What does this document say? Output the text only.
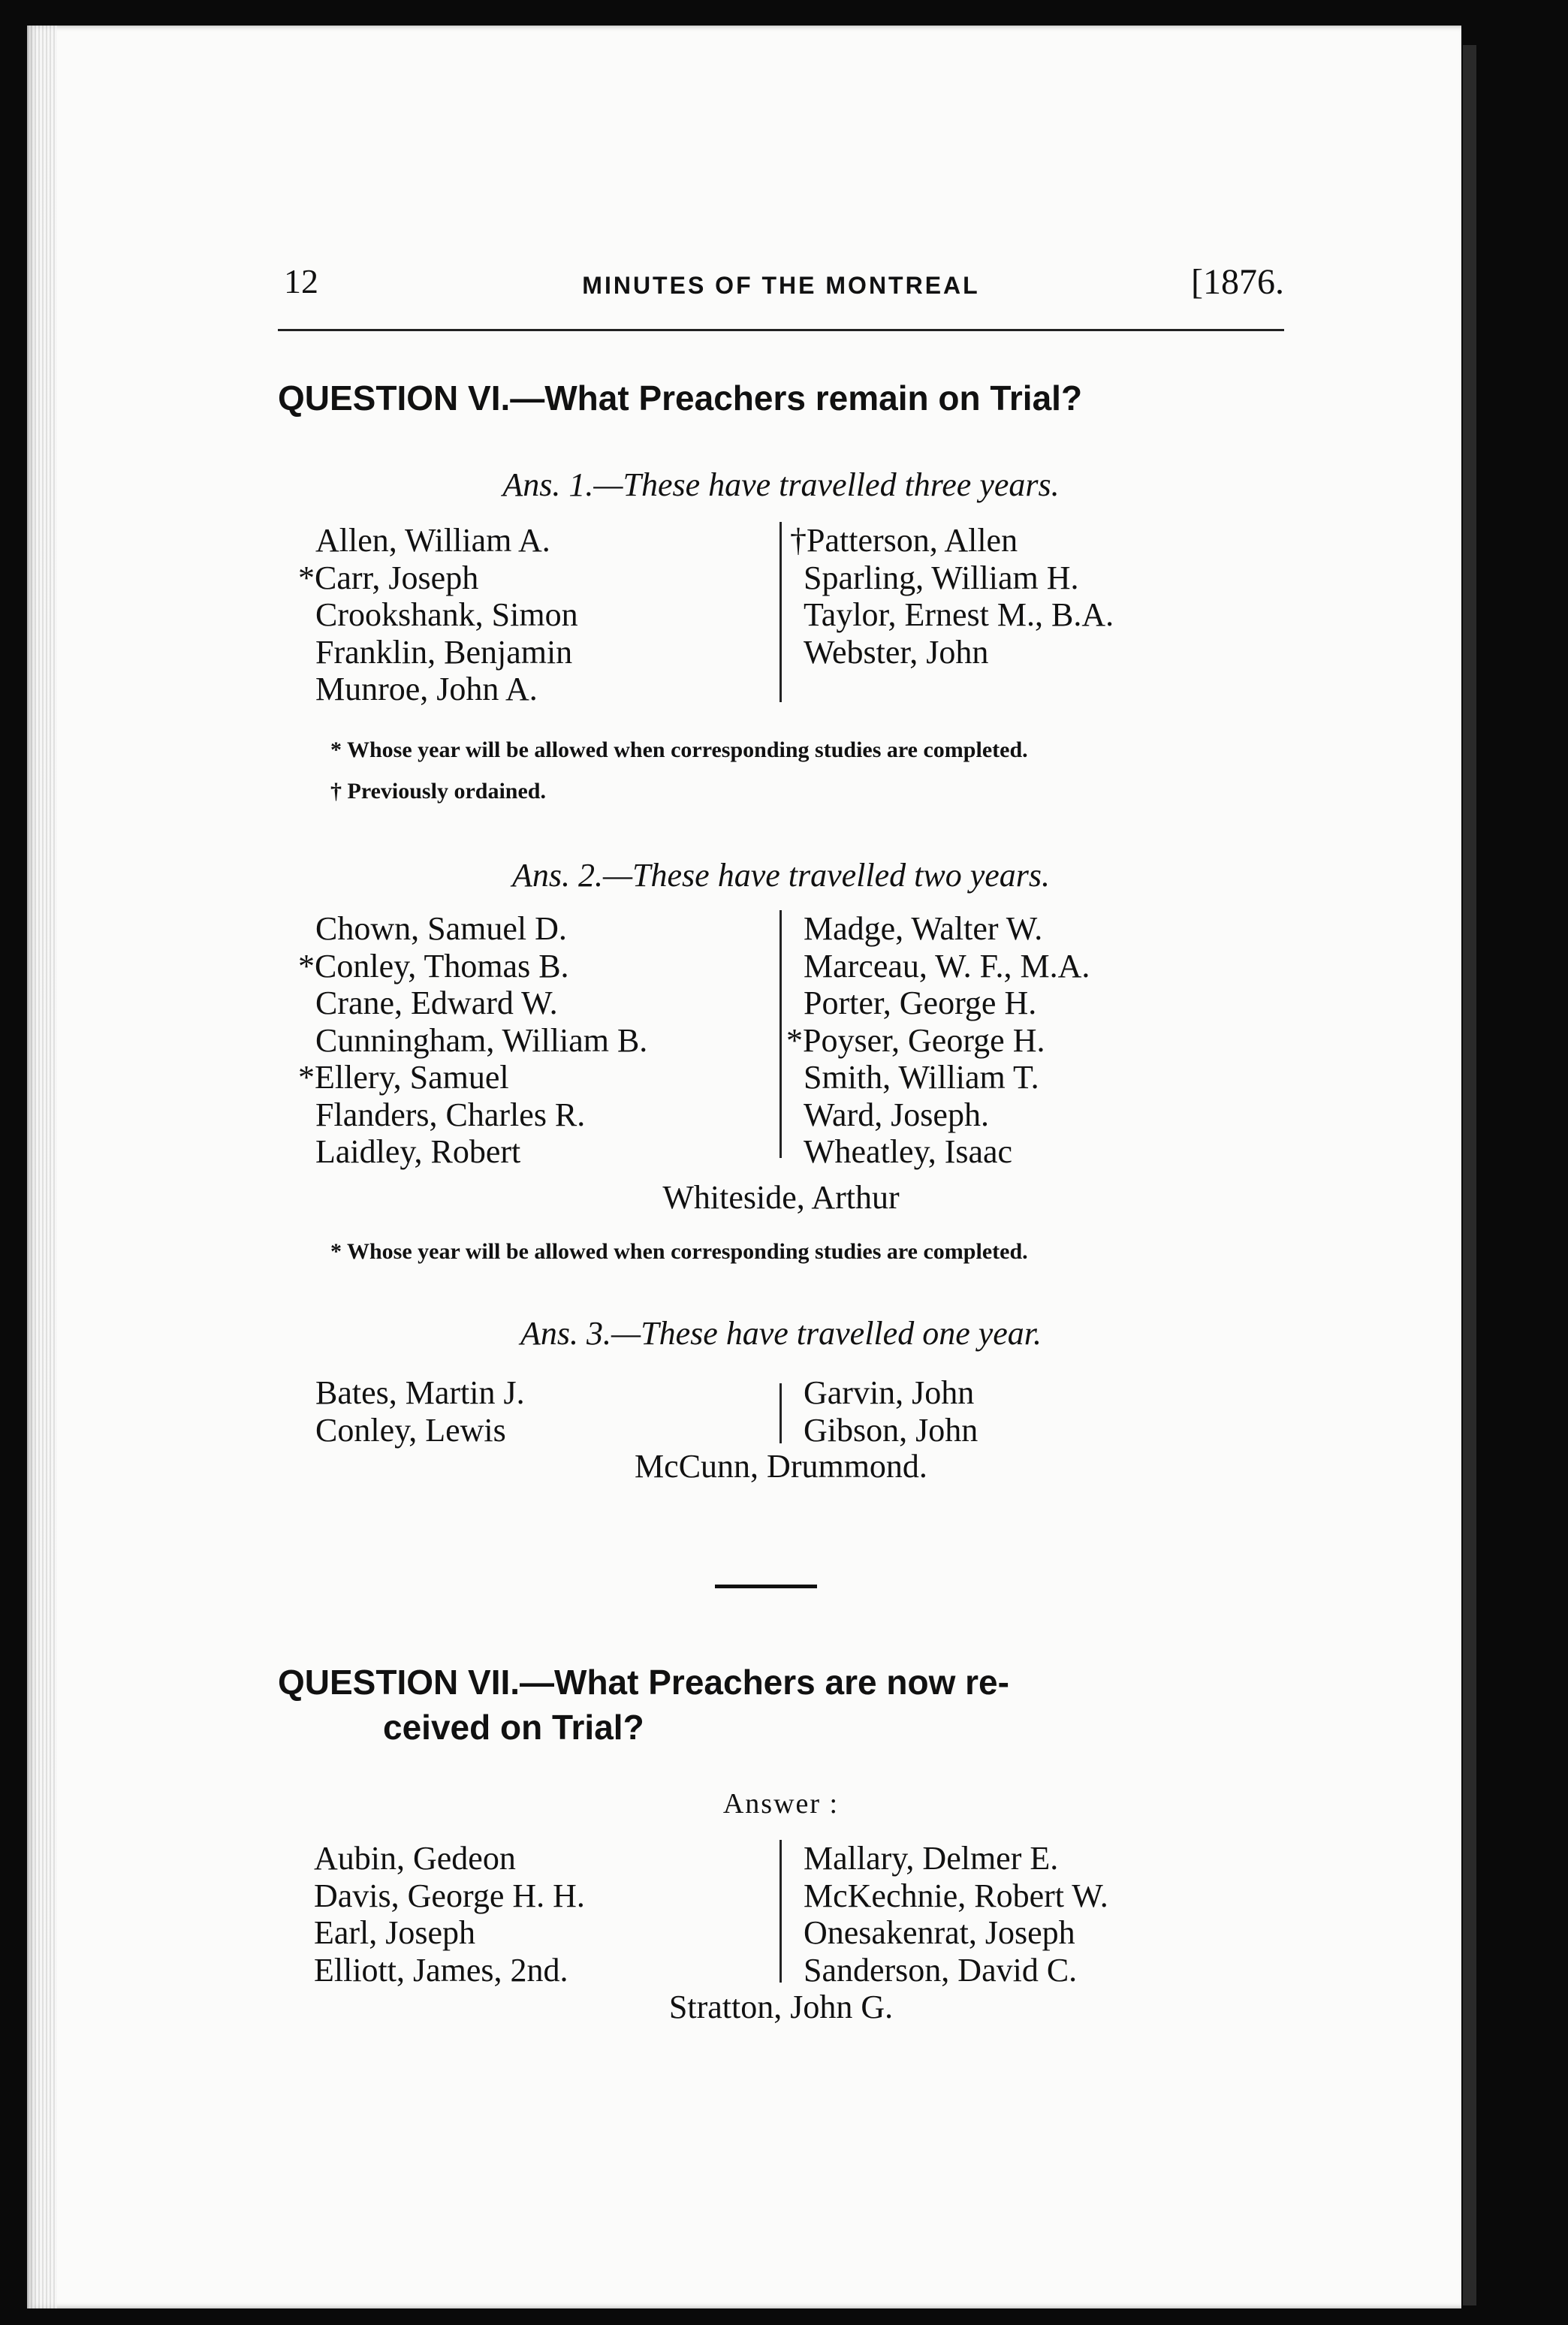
12	MINUTES OF THE MONTREAL	[1876.
QUESTION VI.—What Preachers remain on Trial?
Ans. 1.—These have travelled three years.
Allen, William A.
*Carr, Joseph
Crookshank, Simon
Franklin, Benjamin
Munroe, John A.
†Patterson, Allen
Sparling, William H.
Taylor, Ernest M., B.A.
Webster, John
* Whose year will be allowed when corresponding studies are completed.
† Previously ordained.
Ans. 2.—These have travelled two years.
Chown, Samuel D.
*Conley, Thomas B.
Crane, Edward W.
Cunningham, William B.
*Ellery, Samuel
Flanders, Charles R.
Laidley, Robert
Madge, Walter W.
Marceau, W. F., M.A.
Porter, George H.
*Poyser, George H.
Smith, William T.
Ward, Joseph.
Wheatley, Isaac
Whiteside, Arthur
* Whose year will be allowed when corresponding studies are completed.
Ans. 3.—These have travelled one year.
Bates, Martin J.
Conley, Lewis
Garvin, John
Gibson, John
McCunn, Drummond.
QUESTION VII.—What Preachers are now re-
ceived on Trial?
Answer :
Aubin, Gedeon
Davis, George H. H.
Earl, Joseph
Elliott, James, 2nd.
Mallary, Delmer E.
McKechnie, Robert W.
Onesakenrat, Joseph
Sanderson, David C.
Stratton, John G.
